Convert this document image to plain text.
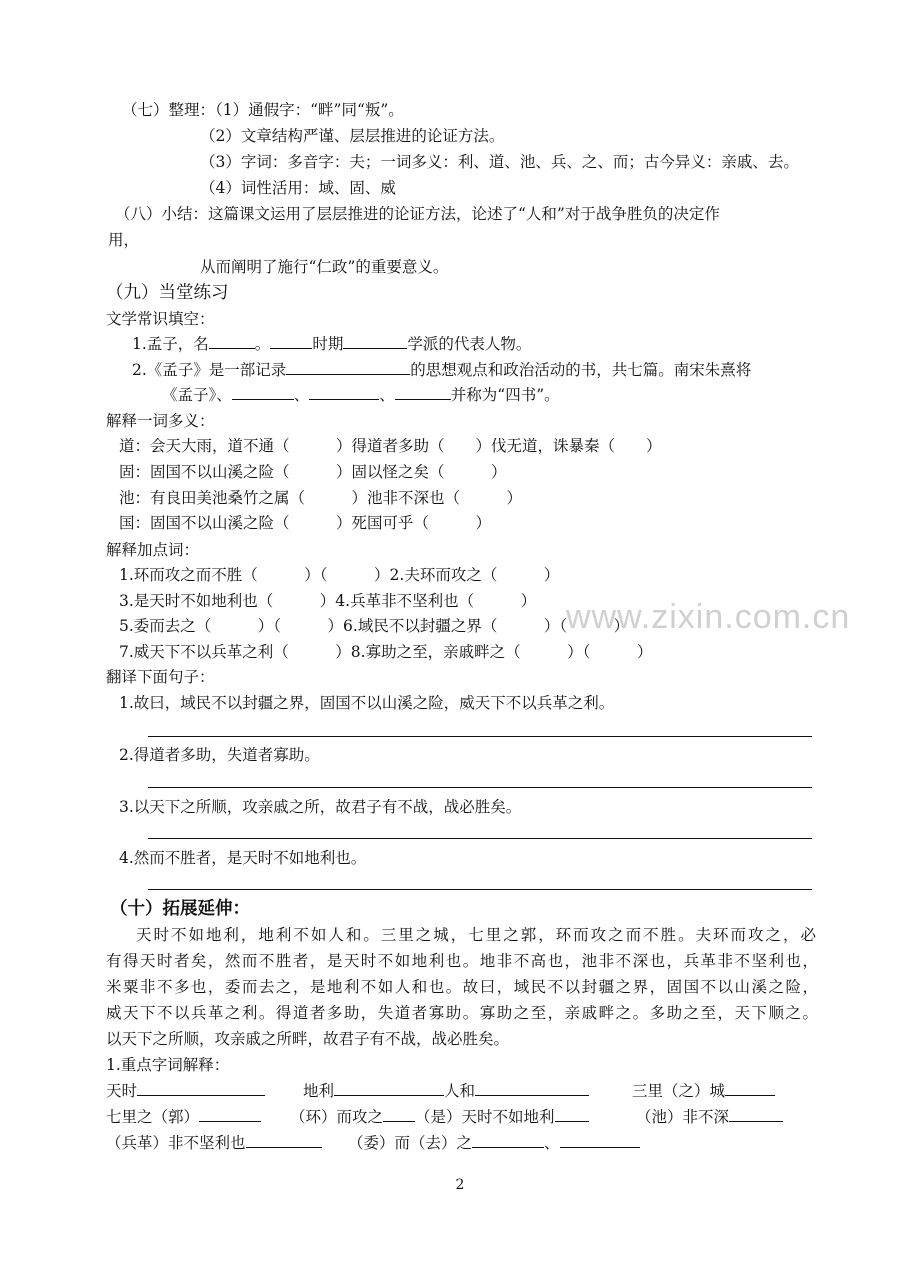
（七）整理：（1）通假字：“畔”同“叛”。
（2）文章结构严谨、层层推进的论证方法。
（3）字词：多音字：夫；一词多义：利、道、池、兵、之、而；古今异义：亲戚、去。
（4）词性活用：域、固、威
（八）小结：这篇课文运用了层层推进的论证方法，论述了“人和”对于战争胜负的决定作
用，
从而阐明了施行“仁政”的重要意义。
（九）当堂练习
文学常识填空：
1.孟子，名	。	时期	学派的代表人物。
2.《孟子》是一部记录	的思想观点和政治活动的书，共七篇。南宋朱熹将
《孟子》、	、	、	并称为“四书”。
解释一词多义：
道：会天大雨，道不通（　　　）得道者多助（　　）伐无道，诛暴秦（　　）
固：固国不以山溪之险（　　　）固以怪之矣（　　　）
池：有良田美池桑竹之属（　　　）池非不深也（　　　）
国：固国不以山溪之险（　　　）死国可乎（　　　）
解释加点词：
1.环而攻之而不胜（　　　）（　　　）2.夫环而攻之（　　　）
3.是天时不如地利也（　　　）4.兵革非不坚利也（　　　）
5.委而去之（　　　）（　　　）6.域民不以封疆之界（　　　）（　　　）
7.威天下不以兵革之利（　　　）8.寡助之至，亲戚畔之（　　　）（　　　）
www.zixin.com.cn
翻译下面句子：
1.故曰，域民不以封疆之界，固国不以山溪之险，威天下不以兵革之利。
2.得道者多助，失道者寡助。
3.以天下之所顺，攻亲戚之所，故君子有不战，战必胜矣。
4.然而不胜者，是天时不如地利也。
（十）拓展延伸：
天时不如地利，地利不如人和。三里之城，七里之郭，环而攻之而不胜。夫环而攻之，必
有得天时者矣，然而不胜者，是天时不如地利也。地非不高也，池非不深也，兵革非不坚利也，
米粟非不多也，委而去之，是地利不如人和也。故曰，域民不以封疆之界，固国不以山溪之险，
威天下不以兵革之利。得道者多助，失道者寡助。寡助之至，亲戚畔之。多助之至，天下顺之。
以天下之所顺，攻亲戚之所畔，故君子有不战，战必胜矣。
1.重点字词解释：
天时	地利	人和	三里（之）城
七里之（郭）	（环）而攻之 （是）天时不如地利	（池）非不深
（兵革）非不坚利也	（委）而（去）之	、
2
